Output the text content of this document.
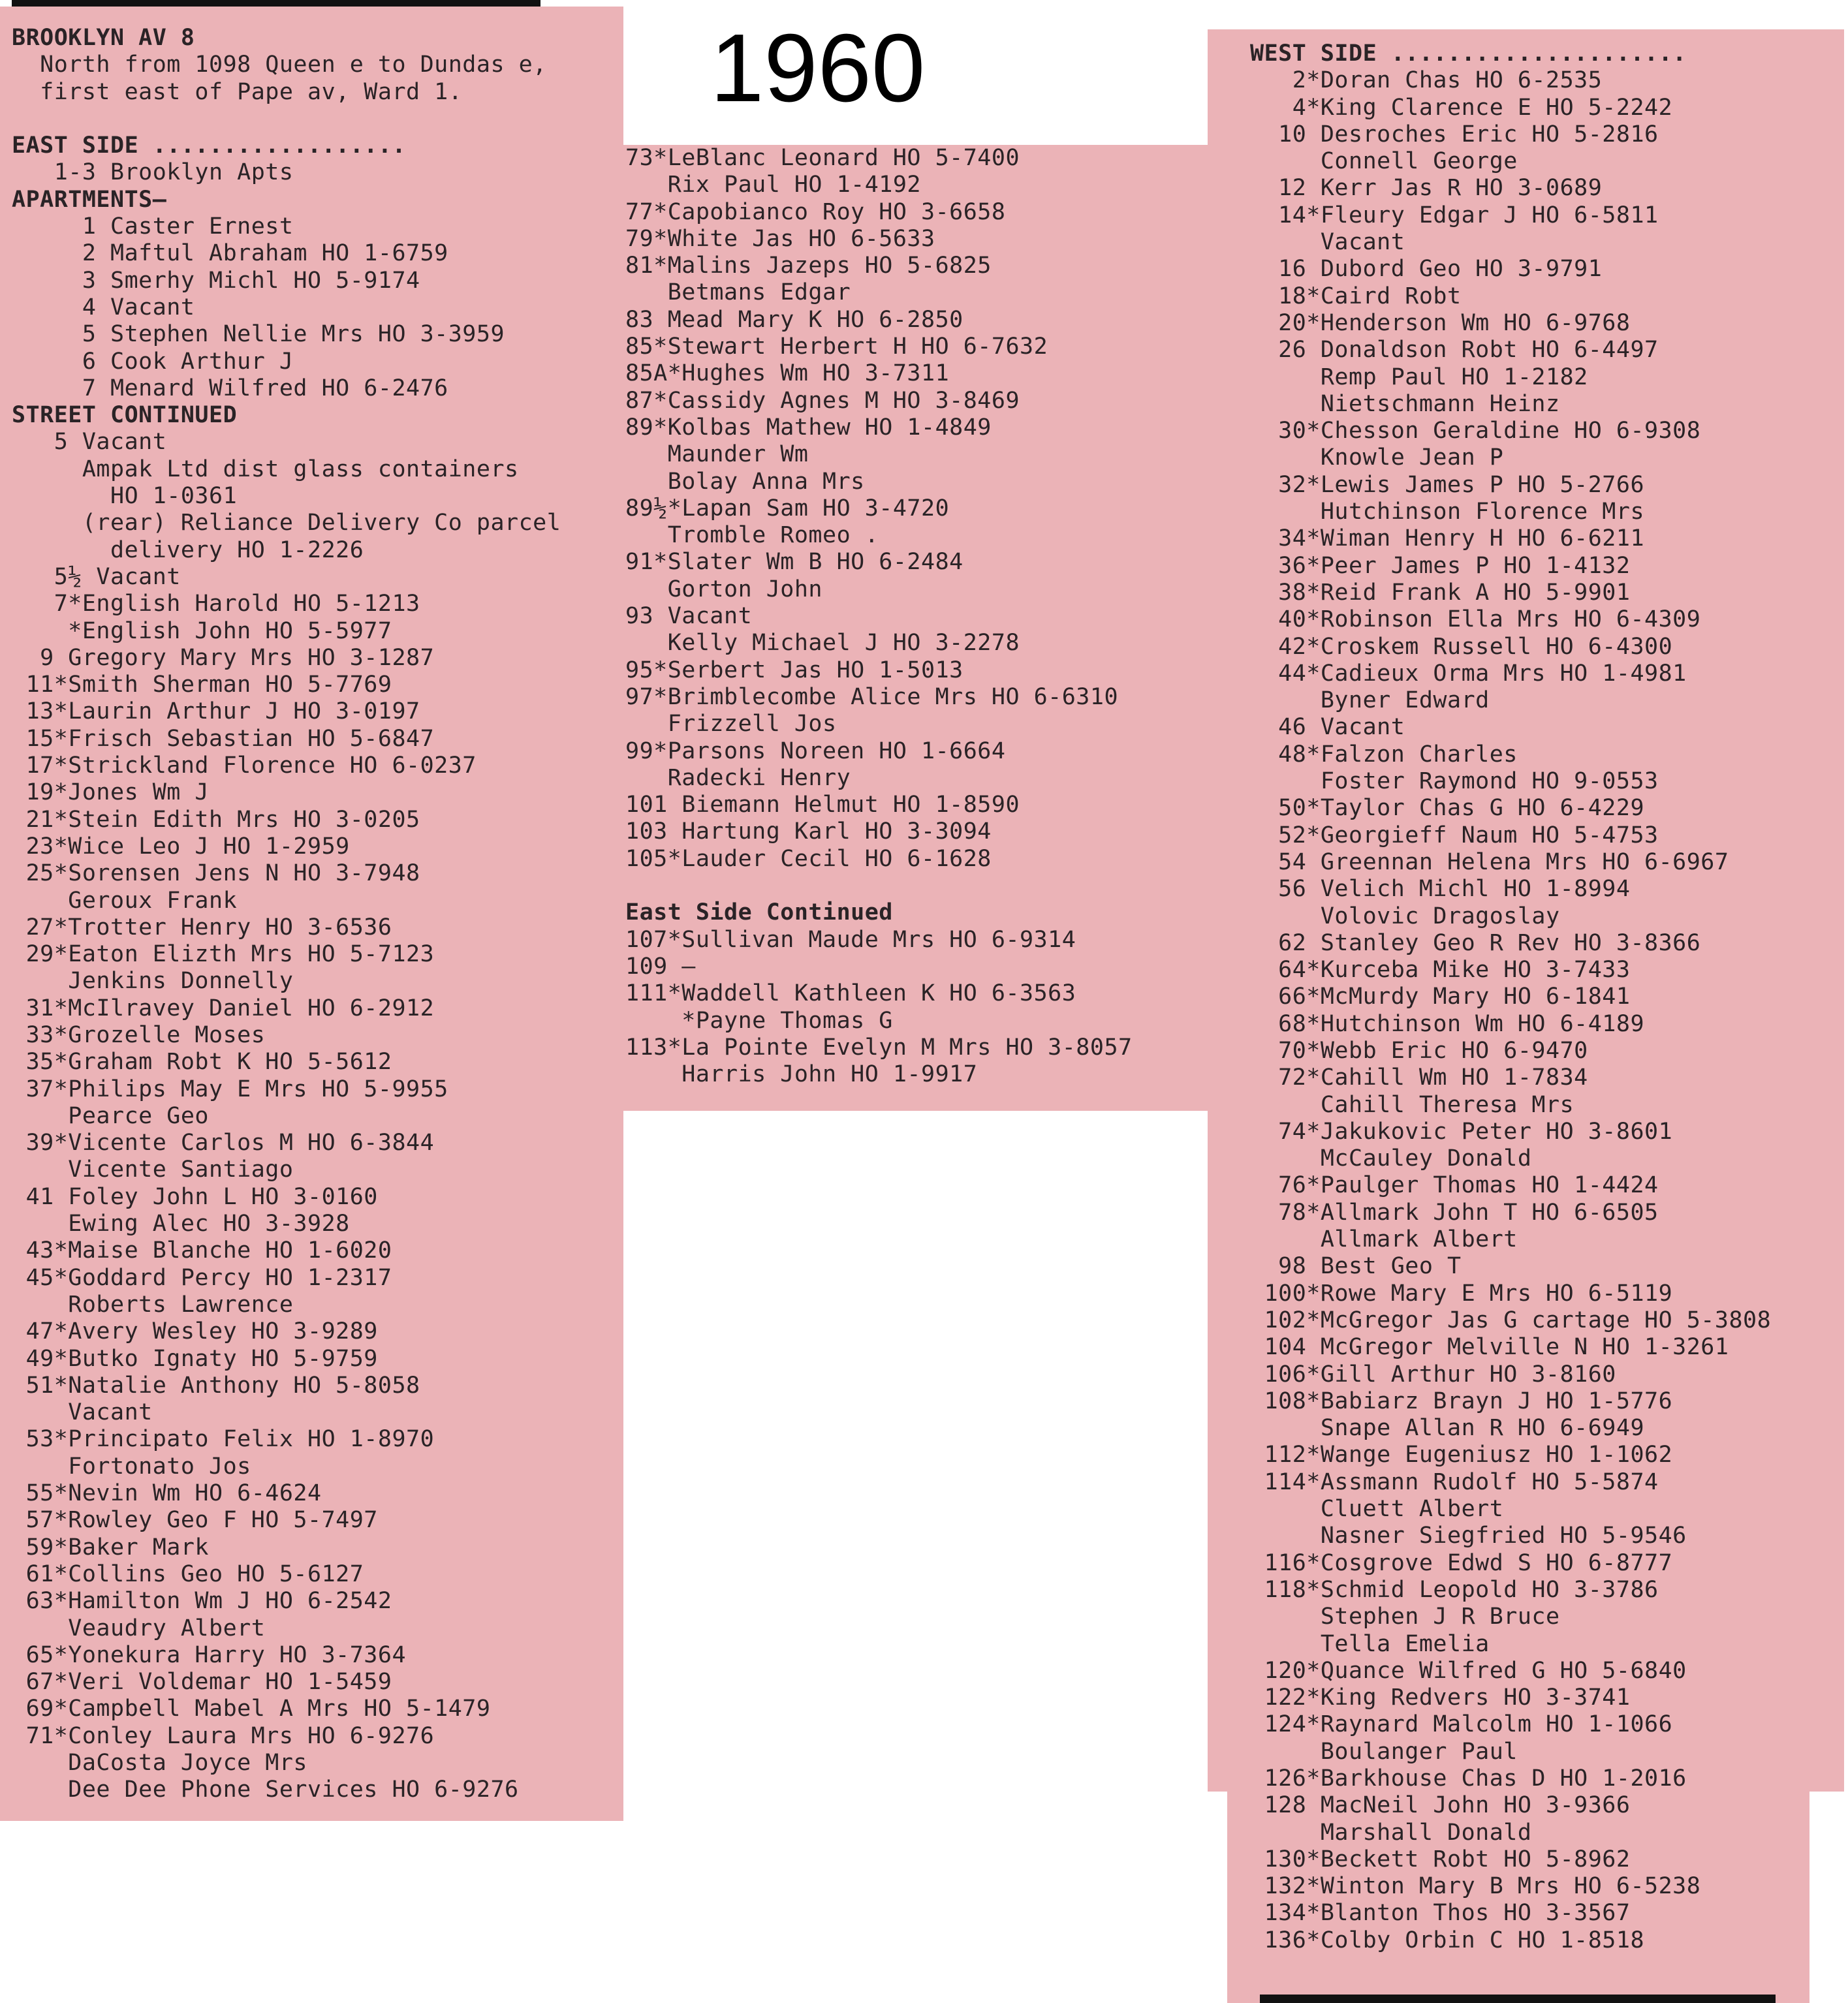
BROOKLYN AV 8
North from 1098 Queen e to Dundas e,
first east of Pape av, Ward 1.
EAST SIDE ..................
1-3 Brooklyn Apts
APARTMENTS—
1 Caster Ernest
2 Maftul Abraham HO 1-6759
3 Smerhy Michl HO 5-9174
4 Vacant
5 Stephen Nellie Mrs HO 3-3959
6 Cook Arthur J
7 Menard Wilfred HO 6-2476
STREET CONTINUED
5 Vacant
Ampak Ltd dist glass containers
HO 1-0361
(rear) Reliance Delivery Co parcel
delivery HO 1-2226
5½ Vacant
7*English Harold HO 5-1213
*English John HO 5-5977
9 Gregory Mary Mrs HO 3-1287
11*Smith Sherman HO 5-7769
13*Laurin Arthur J HO 3-0197
15*Frisch Sebastian HO 5-6847
17*Strickland Florence HO 6-0237
19*Jones Wm J
21*Stein Edith Mrs HO 3-0205
23*Wice Leo J HO 1-2959
25*Sorensen Jens N HO 3-7948
Geroux Frank
27*Trotter Henry HO 3-6536
29*Eaton Elizth Mrs HO 5-7123
Jenkins Donnelly
31*McIlravey Daniel HO 6-2912
33*Grozelle Moses
35*Graham Robt K HO 5-5612
37*Philips May E Mrs HO 5-9955
Pearce Geo
39*Vicente Carlos M HO 6-3844
Vicente Santiago
41 Foley John L HO 3-0160
Ewing Alec HO 3-3928
43*Maise Blanche HO 1-6020
45*Goddard Percy HO 1-2317
Roberts Lawrence
47*Avery Wesley HO 3-9289
49*Butko Ignaty HO 5-9759
51*Natalie Anthony HO 5-8058
Vacant
53*Principato Felix HO 1-8970
Fortonato Jos
55*Nevin Wm HO 6-4624
57*Rowley Geo F HO 5-7497
59*Baker Mark
61*Collins Geo HO 5-6127
63*Hamilton Wm J HO 6-2542
Veaudry Albert
65*Yonekura Harry HO 3-7364
67*Veri Voldemar HO 1-5459
69*Campbell Mabel A Mrs HO 5-1479
71*Conley Laura Mrs HO 6-9276
DaCosta Joyce Mrs
Dee Dee Phone Services HO 6-9276
73*LeBlanc Leonard HO 5-7400
Rix Paul HO 1-4192
77*Capobianco Roy HO 3-6658
79*White Jas HO 6-5633
81*Malins Jazeps HO 5-6825
Betmans Edgar
83 Mead Mary K HO 6-2850
85*Stewart Herbert H HO 6-7632
85A*Hughes Wm HO 3-7311
87*Cassidy Agnes M HO 3-8469
89*Kolbas Mathew HO 1-4849
Maunder Wm
Bolay Anna Mrs
89½*Lapan Sam HO 3-4720
Tromble Romeo .
91*Slater Wm B HO 6-2484
Gorton John
93 Vacant
Kelly Michael J HO 3-2278
95*Serbert Jas HO 1-5013
97*Brimblecombe Alice Mrs HO 6-6310
Frizzell Jos
99*Parsons Noreen HO 1-6664
Radecki Henry
101 Biemann Helmut HO 1-8590
103 Hartung Karl HO 3-3094
105*Lauder Cecil HO 6-1628
East Side Continued
107*Sullivan Maude Mrs HO 6-9314
109 —
111*Waddell Kathleen K HO 6-3563
*Payne Thomas G
113*La Pointe Evelyn M Mrs HO 3-8057
Harris John HO 1-9917
1960	WEST SIDE .....................
2*Doran Chas HO 6-2535
4*King Clarence E HO 5-2242
10 Desroches Eric HO 5-2816
Connell George
12 Kerr Jas R HO 3-0689
14*Fleury Edgar J HO 6-5811
Vacant
16 Dubord Geo HO 3-9791
18*Caird Robt
20*Henderson Wm HO 6-9768
26 Donaldson Robt HO 6-4497
Remp Paul HO 1-2182
Nietschmann Heinz
30*Chesson Geraldine HO 6-9308
Knowle Jean P
32*Lewis James P HO 5-2766
Hutchinson Florence Mrs
34*Wiman Henry H HO 6-6211
36*Peer James P HO 1-4132
38*Reid Frank A HO 5-9901
40*Robinson Ella Mrs HO 6-4309
42*Croskem Russell HO 6-4300
44*Cadieux Orma Mrs HO 1-4981
Byner Edward
46 Vacant
48*Falzon Charles
Foster Raymond HO 9-0553
50*Taylor Chas G HO 6-4229
52*Georgieff Naum HO 5-4753
54 Greennan Helena Mrs HO 6-6967
56 Velich Michl HO 1-8994
Volovic Dragoslay
62 Stanley Geo R Rev HO 3-8366
64*Kurceba Mike HO 3-7433
66*McMurdy Mary HO 6-1841
68*Hutchinson Wm HO 6-4189
70*Webb Eric HO 6-9470
72*Cahill Wm HO 1-7834
Cahill Theresa Mrs
74*Jakukovic Peter HO 3-8601
McCauley Donald
76*Paulger Thomas HO 1-4424
78*Allmark John T HO 6-6505
Allmark Albert
98 Best Geo T
100*Rowe Mary E Mrs HO 6-5119
102*McGregor Jas G cartage HO 5-3808
104 McGregor Melville N HO 1-3261
106*Gill Arthur HO 3-8160
108*Babiarz Brayn J HO 1-5776
Snape Allan R HO 6-6949
112*Wange Eugeniusz HO 1-1062
114*Assmann Rudolf HO 5-5874
Cluett Albert
Nasner Siegfried HO 5-9546
116*Cosgrove Edwd S HO 6-8777
118*Schmid Leopold HO 3-3786
Stephen J R Bruce
Tella Emelia
120*Quance Wilfred G HO 5-6840
122*King Redvers HO 3-3741
124*Raynard Malcolm HO 1-1066
Boulanger Paul
126*Barkhouse Chas D HO 1-2016
128 MacNeil John HO 3-9366
Marshall Donald
130*Beckett Robt HO 5-8962
132*Winton Mary B Mrs HO 6-5238
134*Blanton Thos HO 3-3567
136*Colby Orbin C HO 1-8518
